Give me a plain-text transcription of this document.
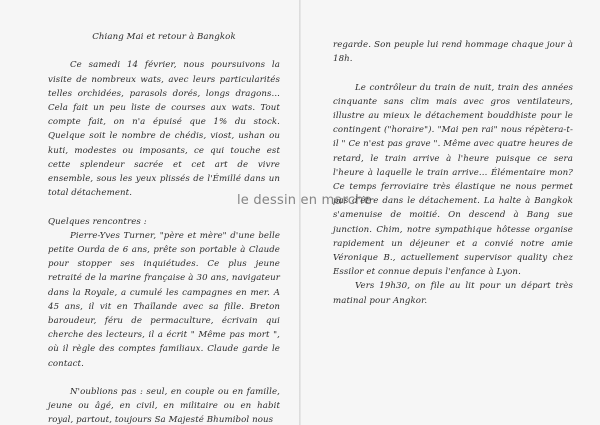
Chiang Mai et retour à Bangkok

Ce samedi 14 février, nous poursuivons la visite de nombreux wats, avec leurs particularités telles orchidées, parasols dorés, longs dragons... Cela fait un peu liste de courses aux wats. Tout compte fait, on n'a épuisé que 1% du stock. Quelque soit le nombre de chédis, viost, ushan ou kuti, modestes ou imposants, ce qui touche est cette splendeur sacrée et cet art de vivre ensemble, sous les yeux plissés de l'Émillé dans un total détachement.

Quelques rencontres :

Pierre-Yves Turner, "père et mère" d'une belle petite Ourda de 6 ans, prête son portable à Claude pour stopper ses inquiétudes. Ce plus jeune retraité de la marine française à 30 ans, navigateur dans la Royale, a cumulé les campagnes en mer. A 45 ans, il vit en Thaïlande avec sa fille. Breton baroudeur, féru de permaculture, écrivain qui cherche des lecteurs, il a écrit " Même pas mort ", où il règle des comptes familiaux. Claude garde le contact.

N'oublions pas : seul, en couple ou en famille, jeune ou âgé, en civil, en militaire ou en habit royal, partout, toujours Sa Majesté Bhumibol nous

regarde. Son peuple lui rend hommage chaque jour à 18h.

Le contrôleur du train de nuit, train des années cinquante sans clim mais avec gros ventilateurs, illustre au mieux le détachement bouddhiste pour le contingent ("horaire"). "Mai pen rai" nous répètera-t-il " Ce n'est pas grave ". Même avec quatre heures de retard, le train arrive à l'heure puisque ce sera l'heure à laquelle le train arrive... Élémentaire mon? Ce temps ferroviaire très élastique ne nous permet pas d'être dans le détachement. La halte à Bangkok s'amenuise de moitié. On descend à Bang sue junction. Chim, notre sympathique hôtesse organise rapidement un déjeuner et a convié notre amie Véronique B., actuellement supervisor quality chez Essilor et connue depuis l'enfance à Lyon.

Vers 19h30, on file au lit pour un départ très matinal pour Angkor.

le dessin en marche
